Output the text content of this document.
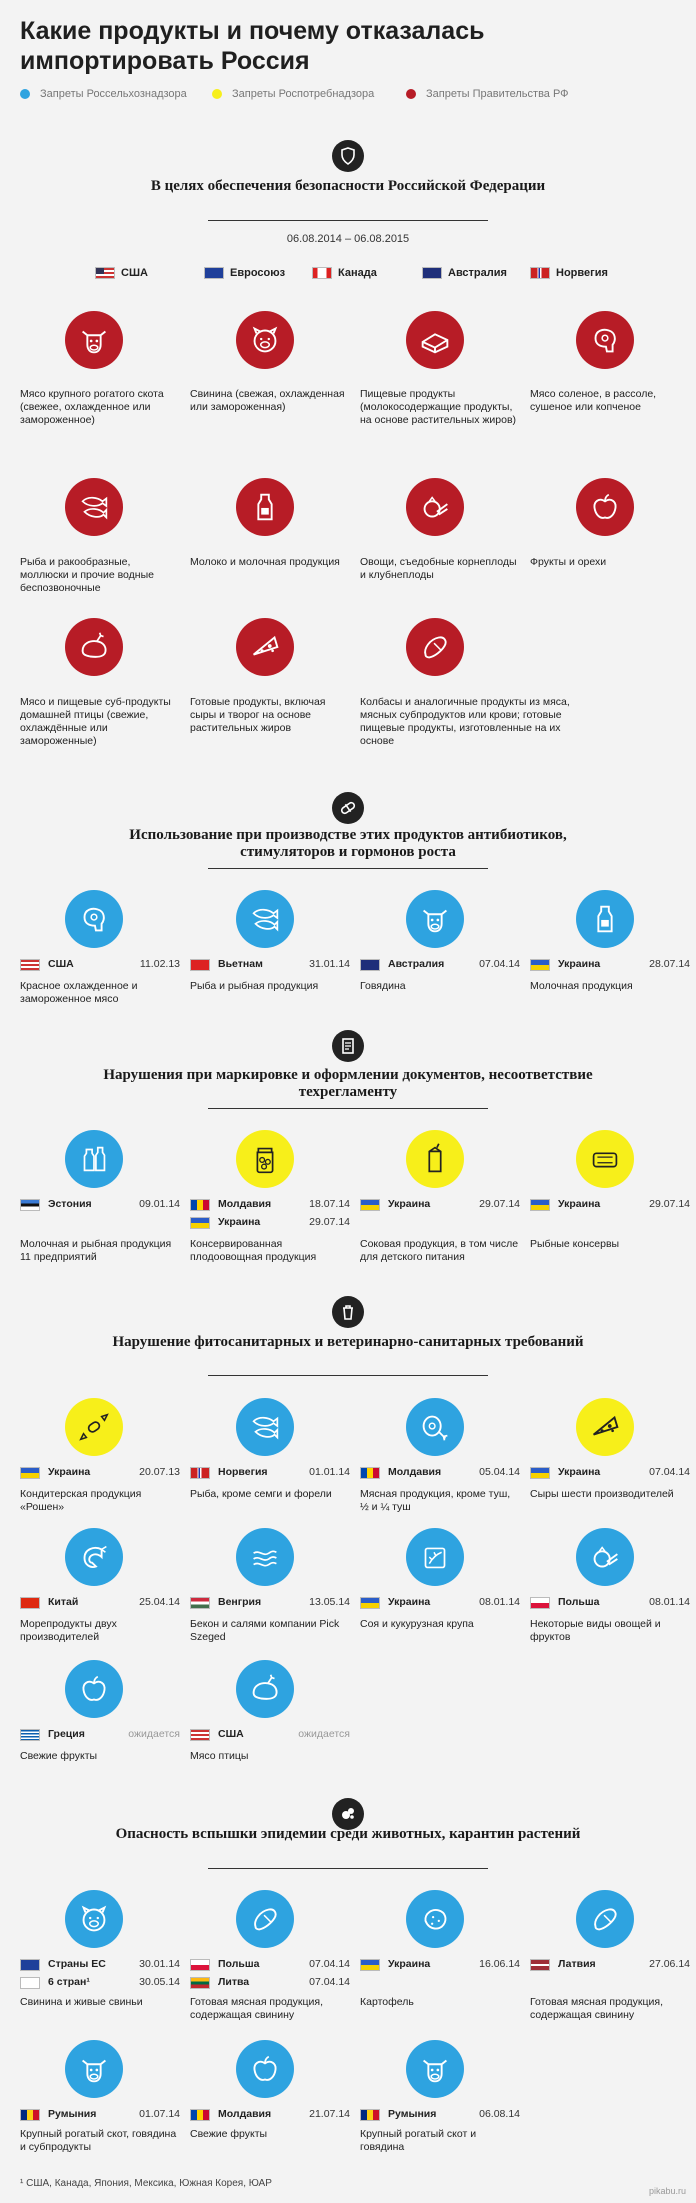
Какие продукты и почему отказалась импортировать Россия
Запреты Россельхознадзора	Запреты Роспотребнадзора	Запреты Правительства РФ
В целях обеспечения безопасности Российской Федерации
06.08.2014 – 06.08.2015
США	Евросоюз	Канада	Австралия	Норвегия
Мясо крупного рогатого скота (свежее, охлажденное или замороженное)
Свинина (свежая, охлажденная или замороженная)
Пищевые продукты (молокосодержащие продукты, на основе растительных жиров)
Мясо соленое, в рассоле, сушеное или копченое
Рыба и ракообразные, моллюски и прочие водные беспозвоночные
Молоко и молочная продукция	Овощи, съедобные корнеплоды и клубнеплоды
Фрукты и орехи
Мясо и пищевые суб-продукты домашней птицы (свежие, охлаждённые или замороженные)
Готовые продукты, включая сыры и творог на основе растительных жиров
Колбасы и аналогичные продукты из мяса, мясных субпродуктов или крови; готовые пищевые продукты, изготовленные на их основе
Использование при производстве этих продуктов антибиотиков, стимуляторов и гормонов роста
США	11.02.13
Красное охлажденное и замороженное мясо
Вьетнам	31.01.14
Рыба и рыбная продукция
Австралия	07.04.14
Говядина
Украина	28.07.14
Молочная продукция
Нарушения при маркировке и оформлении документов, несоответствие техрегламенту
Эстония	09.01.14
Молочная и рыбная продукция 11 предприятий
Молдавия	18.07.14
Украина	29.07.14
Консервированная плодоовощная продукция
Украина	29.07.14
Соковая продукция, в том числе для детского питания
Украина	29.07.14
Рыбные консервы
Нарушение фитосанитарных и ветеринарно-санитарных требований
Украина	20.07.13
Кондитерская продукция «Рошен»
Норвегия	01.01.14
Рыба, кроме семги и форели
Молдавия	05.04.14
Мясная продукция, кроме туш, ½ и ¼ туш
Украина	07.04.14
Сыры шести производителей
Китай	25.04.14
Морепродукты двух производителей
Венгрия	13.05.14
Бекон и салями компании Pick Szeged
Украина	08.01.14
Соя и кукурузная крупа
Польша	08.01.14
Некоторые виды овощей и фруктов
Греция	ожидается
Свежие фрукты
США	ожидается
Мясо птицы
Опасность вспышки эпидемии среди животных, карантин растений
Страны ЕС	30.01.14
6 стран¹	30.05.14
Свинина и живые свиньи
Польша	07.04.14
Литва	07.04.14
Готовая мясная продукция, содержащая свинину
Украина	16.06.14
Картофель
Латвия	27.06.14
Готовая мясная продукция, содержащая свинину
Румыния	01.07.14
Крупный рогатый скот, говядина и субпродукты
Молдавия	21.07.14
Свежие фрукты
Румыния	06.08.14
Крупный рогатый скот и говядина
¹ США, Канада, Япония, Мексика, Южная Корея, ЮАР
pikabu.ru
